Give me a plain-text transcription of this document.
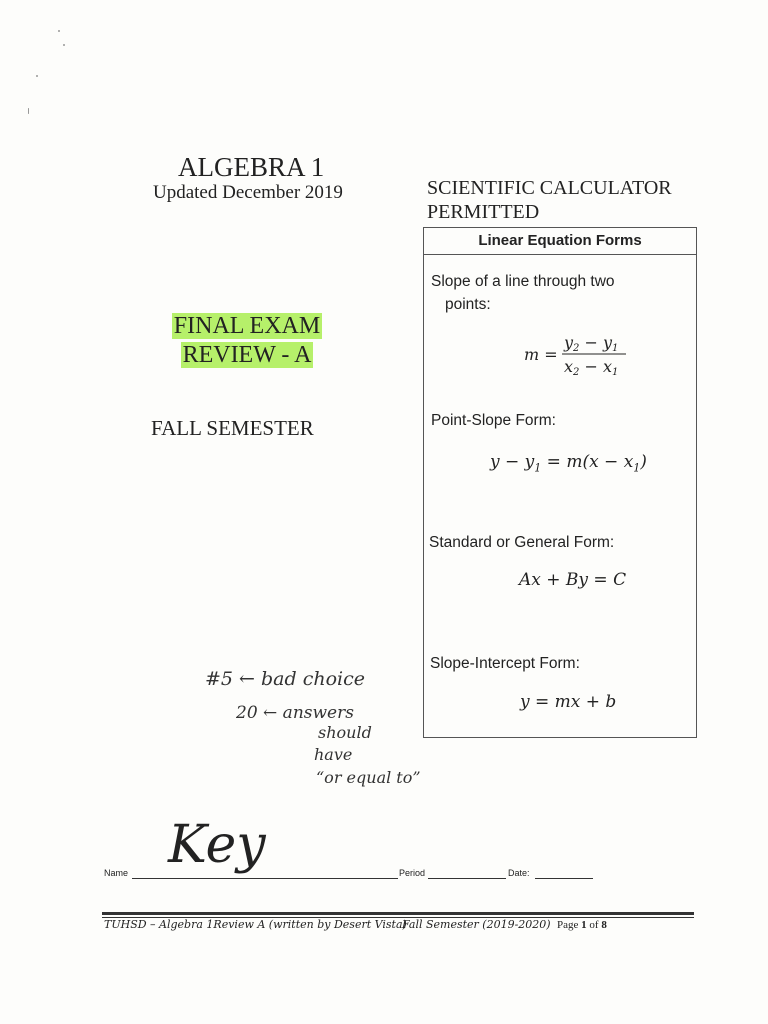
ALGEBRA 1
Updated December 2019
FINAL EXAM
REVIEW - A
FALL SEMESTER
SCIENTIFIC CALCULATOR
PERMITTED
Linear Equation Forms
Slope of a line through two
points:
m =
y2 − y1
x2 − x1
Point-Slope Form:
$y - y_1 = m(x - x_1)$
Standard or General Form:
Ax + By = C
Slope-Intercept Form:
y = mx + b
#5 ← bad choice
20 ← answers
should
have
“or equal to”
Name	Period	Date:
Key
TUHSD – Algebra 1Review A (written by Desert Vista)
Fall Semester (2019-2020) Page 1 of 8
